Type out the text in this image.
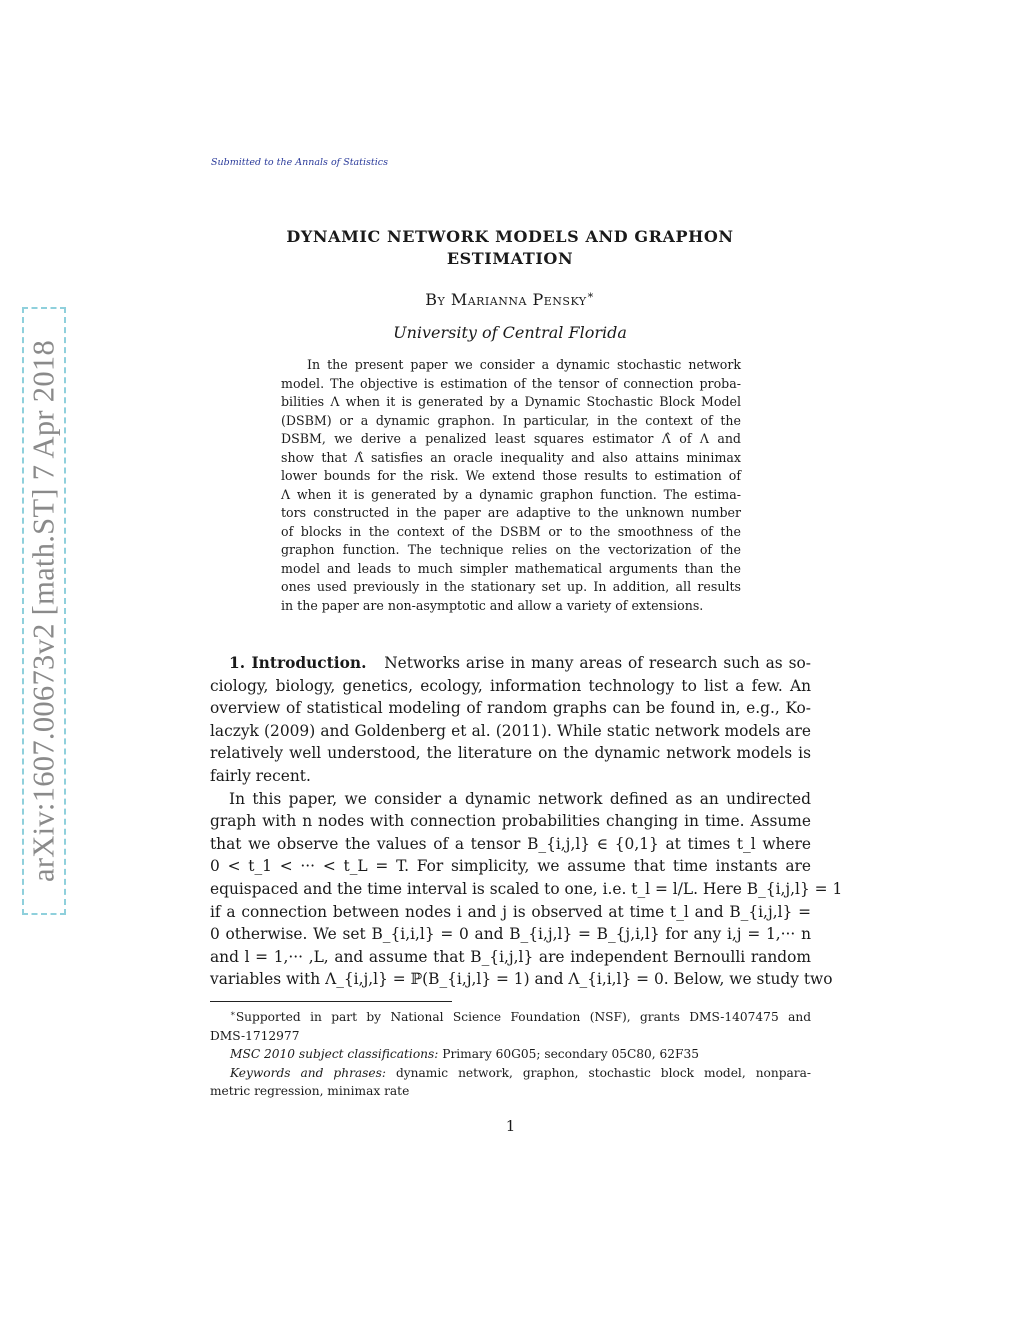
arXiv:1607.00673v2 [math.ST] 7 Apr 2018
Submitted to the Annals of Statistics
DYNAMIC NETWORK MODELS AND GRAPHON
ESTIMATION
By Marianna Pensky∗
University of Central Florida
In the present paper we consider a dynamic stochastic network
model. The objective is estimation of the tensor of connection proba-
bilities Λ when it is generated by a Dynamic Stochastic Block Model
(DSBM) or a dynamic graphon. In particular, in the context of the
DSBM, we derive a penalized least squares estimator Λ̂ of Λ and
show that Λ̂ satisfies an oracle inequality and also attains minimax
lower bounds for the risk. We extend those results to estimation of
Λ when it is generated by a dynamic graphon function. The estima-
tors constructed in the paper are adaptive to the unknown number
of blocks in the context of the DSBM or to the smoothness of the
graphon function. The technique relies on the vectorization of the
model and leads to much simpler mathematical arguments than the
ones used previously in the stationary set up. In addition, all results
in the paper are non-asymptotic and allow a variety of extensions.
1. Introduction. Networks arise in many areas of research such as so-
ciology, biology, genetics, ecology, information technology to list a few. An
overview of statistical modeling of random graphs can be found in, e.g., Ko-
laczyk (2009) and Goldenberg et al. (2011). While static network models are
relatively well understood, the literature on the dynamic network models is
fairly recent.
In this paper, we consider a dynamic network defined as an undirected
graph with n nodes with connection probabilities changing in time. Assume
that we observe the values of a tensor B_{i,j,l} ∈ {0,1} at times t_l where
0 < t_1 < ··· < t_L = T. For simplicity, we assume that time instants are
equispaced and the time interval is scaled to one, i.e. t_l = l/L. Here B_{i,j,l} = 1
if a connection between nodes i and j is observed at time t_l and B_{i,j,l} =
0 otherwise. We set B_{i,i,l} = 0 and B_{i,j,l} = B_{j,i,l} for any i,j = 1,··· n
and l = 1,··· ,L, and assume that B_{i,j,l} are independent Bernoulli random
variables with Λ_{i,j,l} = ℙ(B_{i,j,l} = 1) and Λ_{i,i,l} = 0. Below, we study two
∗Supported in part by National Science Foundation (NSF), grants DMS-1407475 and
DMS-1712977
MSC 2010 subject classifications: Primary 60G05; secondary 05C80, 62F35
Keywords and phrases: dynamic network, graphon, stochastic block model, nonpara-
metric regression, minimax rate
1
